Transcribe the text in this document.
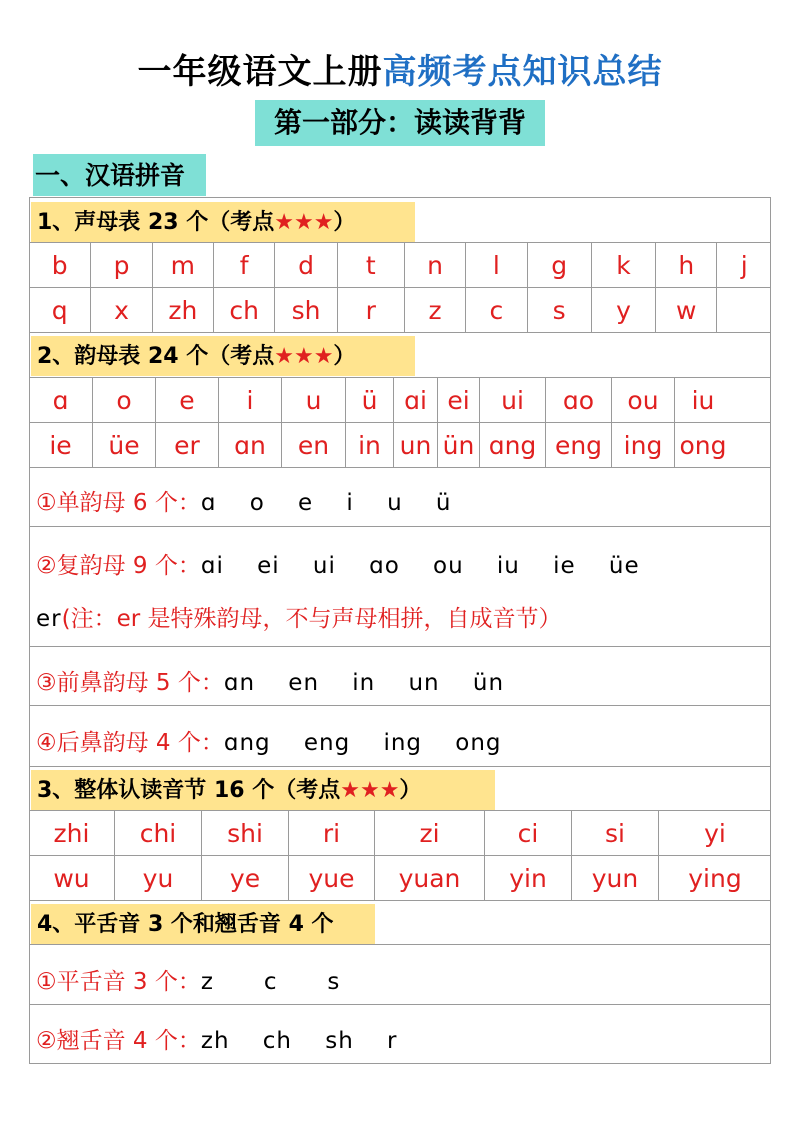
一年级语文上册高频考点知识总结
第一部分：读读背背
一、汉语拼音
1、声母表 23 个（考点★★★）
b	p	m	f	d	t	n	l	g	k	h	j
q	x	zh	ch	sh	r	z	c	s	y	w
2、韵母表 24 个（考点★★★）
ɑ	o	e	i	u	ü	ɑi ei	ui	ɑo	ou	iu
ie	üe	er	ɑn	en	in un ün ɑng eng ing ong
①单韵母 6 个：ɑ    o    e    i    u    ü
②复韵母 9 个：ɑi    ei    ui    ɑo    ou    iu    ie    üe
er(注：er 是特殊韵母，不与声母相拼，自成音节）
③前鼻韵母 5 个：ɑn    en    in    un    ün
④后鼻韵母 4 个：ɑng    eng    ing    ong
3、整体认读音节 16 个（考点★★★）
zhi	chi	shi	ri	zi	ci	si	yi
wu	yu	ye	yue	yuan	yin	yun	ying
4、平舌音 3 个和翘舌音 4 个
①平舌音 3 个：z      c      s
②翘舌音 4 个：zh    ch    sh    r
